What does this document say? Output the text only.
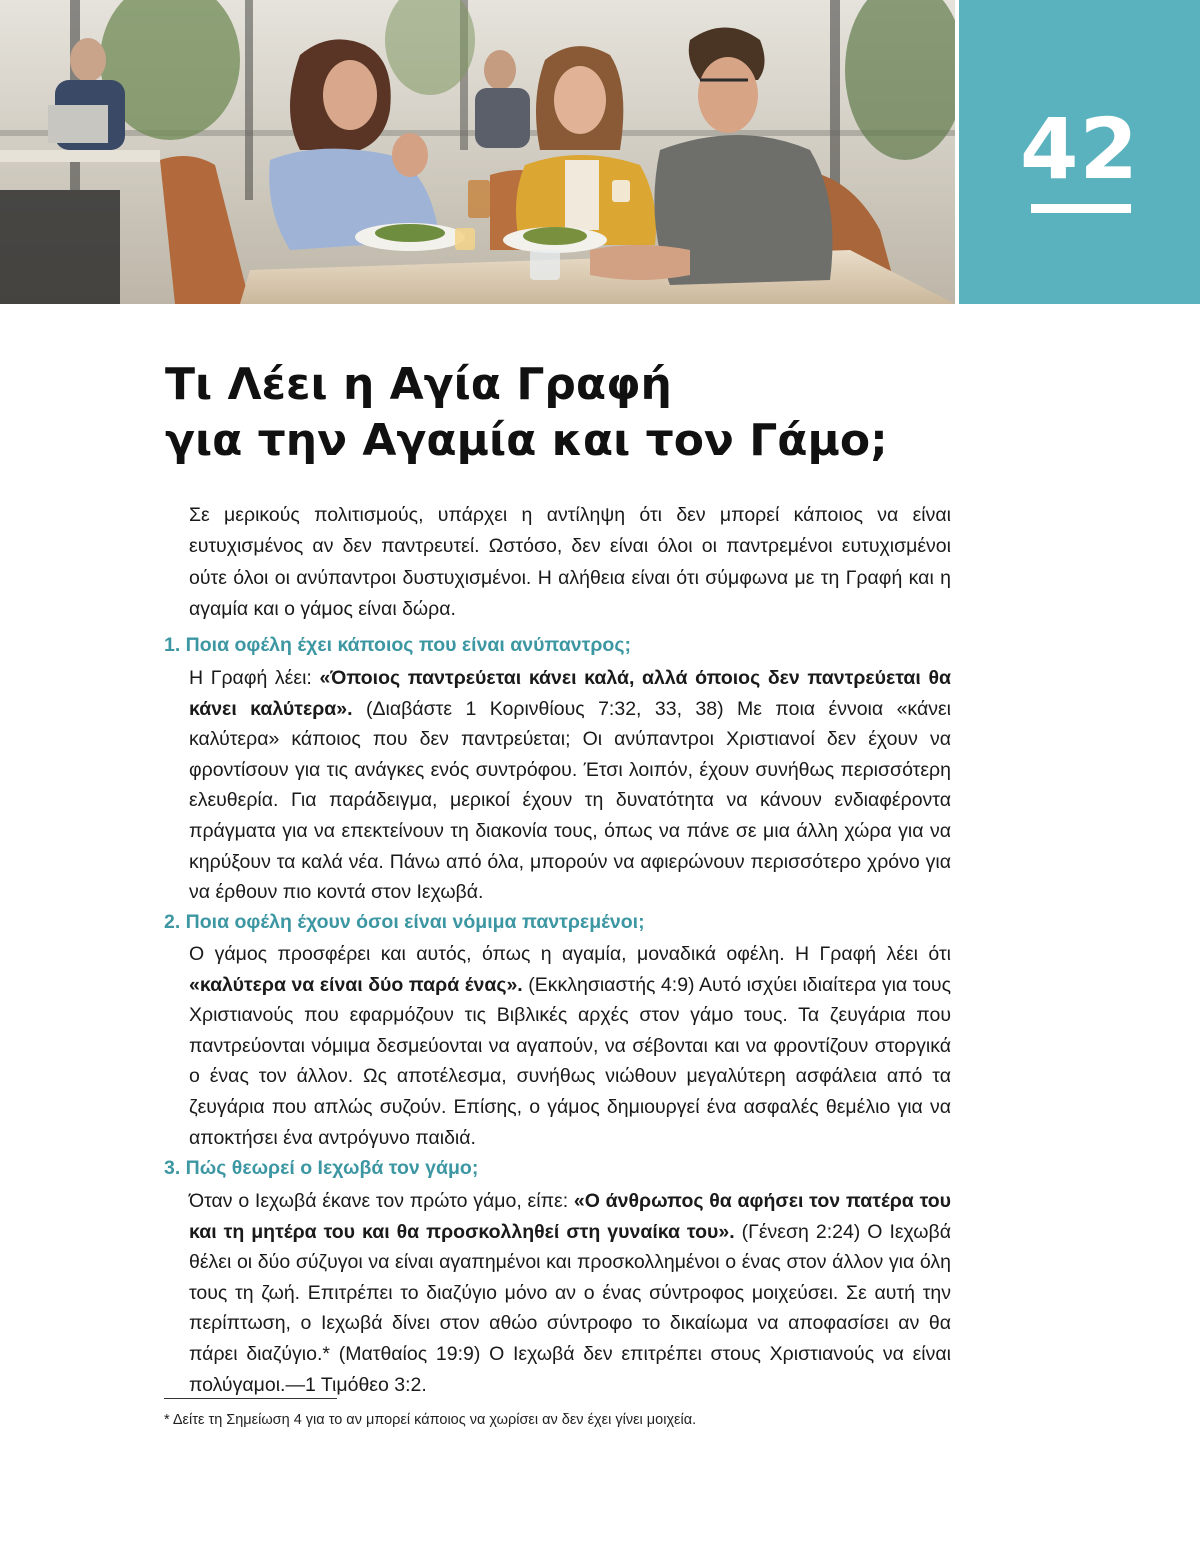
42
Τι Λέει η Αγία Γραφή
για την Αγαμία και τον Γάμο;

Σε μερικούς πολιτισμούς, υπάρχει η αντίληψη ότι δεν μπορεί κάποιος να είναι ευτυχισμένος αν δεν παντρευτεί. Ωστόσο, δεν είναι όλοι οι παντρεμένοι ευτυχισμένοι ούτε όλοι οι ανύπαντροι δυστυχισμένοι. Η αλήθεια είναι ότι σύμφωνα με τη Γραφή και η αγαμία και ο γάμος είναι δώρα.

1. Ποια οφέλη έχει κάποιος που είναι ανύπαντρος;

Η Γραφή λέει: «Όποιος παντρεύεται κάνει καλά, αλλά όποιος δεν παντρεύεται θα κάνει καλύτερα». (Διαβάστε 1 Κορινθίους 7:32, 33, 38) Με ποια έννοια «κάνει καλύτερα» κάποιος που δεν παντρεύεται; Οι ανύπαντροι Χριστιανοί δεν έχουν να φροντίσουν για τις ανάγκες ενός συντρόφου. Έτσι λοιπόν, έχουν συνήθως περισσότερη ελευθερία. Για παράδειγμα, μερικοί έχουν τη δυνατότητα να κάνουν ενδιαφέροντα πράγματα για να επεκτείνουν τη διακονία τους, όπως να πάνε σε μια άλλη χώρα για να κηρύξουν τα καλά νέα. Πάνω από όλα, μπορούν να αφιερώνουν περισσότερο χρόνο για να έρθουν πιο κοντά στον Ιεχωβά.

2. Ποια οφέλη έχουν όσοι είναι νόμιμα παντρεμένοι;

Ο γάμος προσφέρει και αυτός, όπως η αγαμία, μοναδικά οφέλη. Η Γραφή λέει ότι «καλύτερα να είναι δύο παρά ένας». (Εκκλησιαστής 4:9) Αυτό ισχύει ιδιαίτερα για τους Χριστιανούς που εφαρμόζουν τις Βιβλικές αρχές στον γάμο τους. Τα ζευγάρια που παντρεύονται νόμιμα δεσμεύονται να αγαπούν, να σέβονται και να φροντίζουν στοργικά ο ένας τον άλλον. Ως αποτέλεσμα, συνήθως νιώθουν μεγαλύτερη ασφάλεια από τα ζευγάρια που απλώς συζούν. Επίσης, ο γάμος δημιουργεί ένα ασφαλές θεμέλιο για να αποκτήσει ένα αντρόγυνο παιδιά.

3. Πώς θεωρεί ο Ιεχωβά τον γάμο;

Όταν ο Ιεχωβά έκανε τον πρώτο γάμο, είπε: «Ο άνθρωπος θα αφήσει τον πατέρα του και τη μητέρα του και θα προσκολληθεί στη γυναίκα του». (Γένεση 2:24) Ο Ιεχωβά θέλει οι δύο σύζυγοι να είναι αγαπημένοι και προσκολλημένοι ο ένας στον άλλον για όλη τους τη ζωή. Επιτρέπει το διαζύγιο μόνο αν ο ένας σύντροφος μοιχεύσει. Σε αυτή την περίπτωση, ο Ιεχωβά δίνει στον αθώο σύντροφο το δικαίωμα να αποφασίσει αν θα πάρει διαζύγιο.* (Ματθαίος 19:9) Ο Ιεχωβά δεν επιτρέπει στους Χριστιανούς να είναι πολύγαμοι.—1 Τιμόθεο 3:2.

* Δείτε τη Σημείωση 4 για το αν μπορεί κάποιος να χωρίσει αν δεν έχει γίνει μοιχεία.
